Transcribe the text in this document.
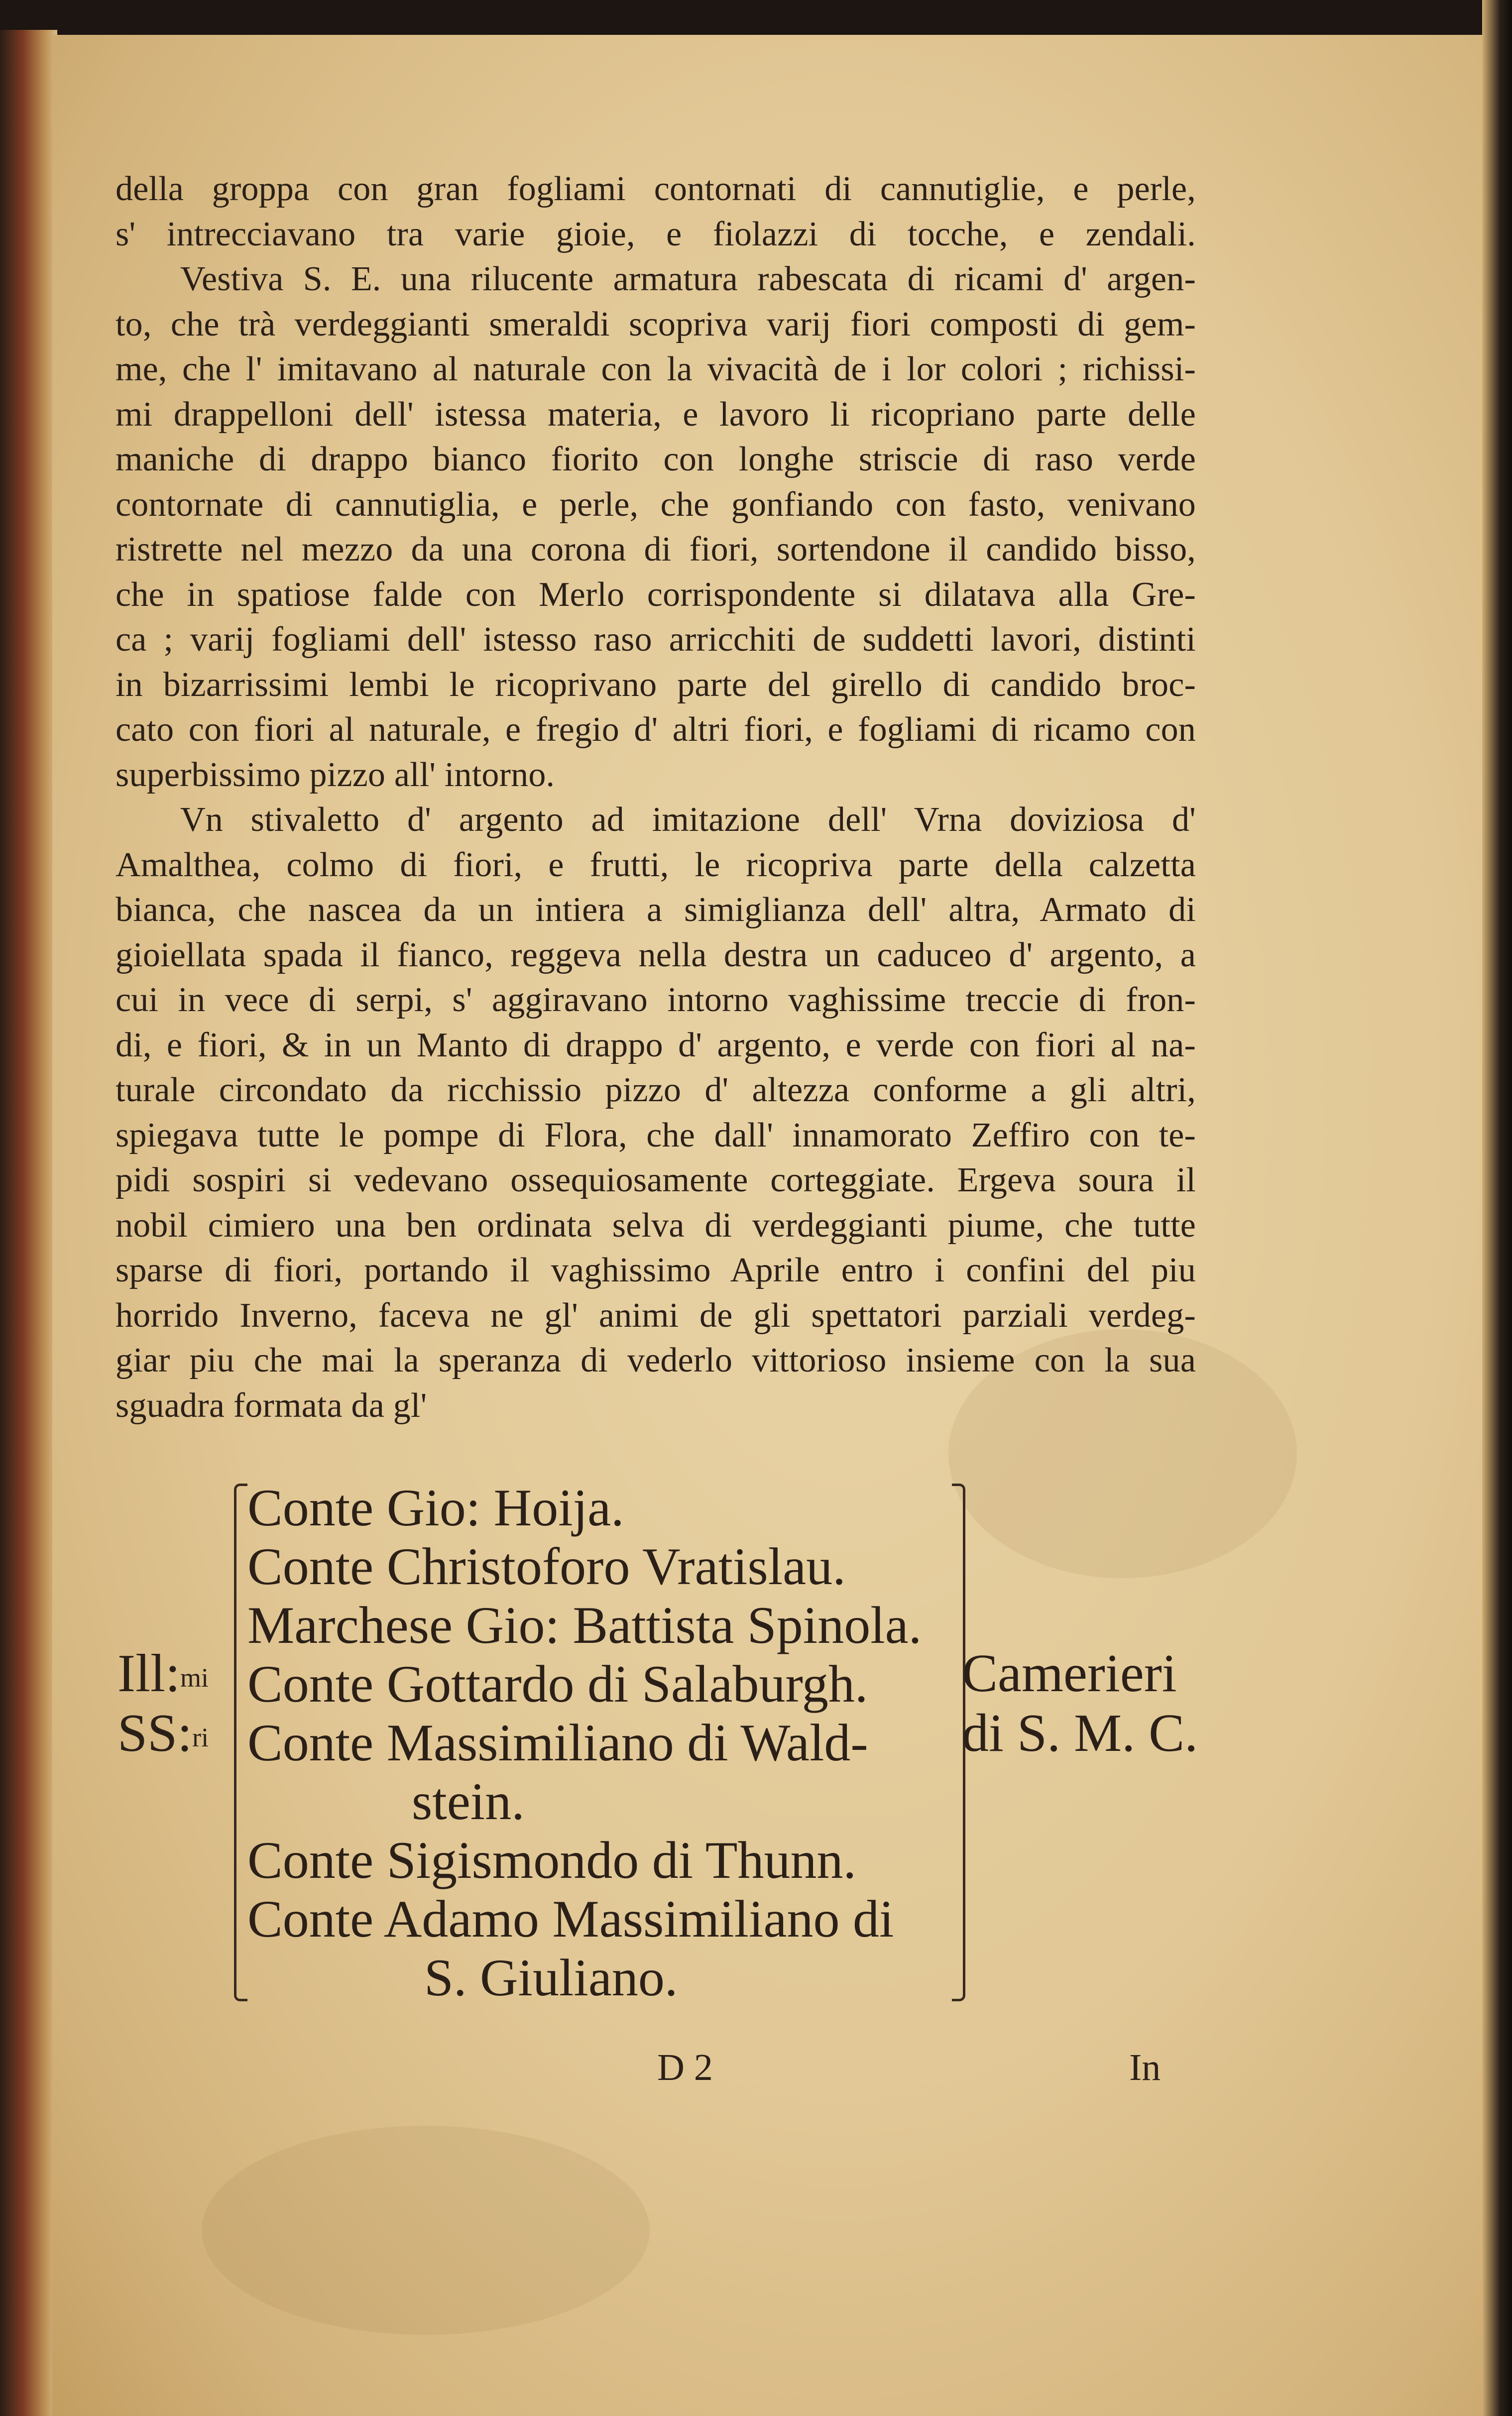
della groppa con gran fogliami contornati di cannutiglie, e perle,
s' intrecciavano tra varie gioie, e fiolazzi di tocche, e zendali.
Vestiva S. E. una rilucente armatura rabescata di ricami d' argen-
to, che trà verdeggianti smeraldi scopriva varij fiori composti di gem-
me, che l' imitavano al naturale con la vivacità de i lor colori ; richissi-
mi drappelloni dell' istessa materia, e lavoro li ricopriano parte delle
maniche di drappo bianco fiorito con longhe striscie di raso verde
contornate di cannutiglia, e perle, che gonfiando con fasto, venivano
ristrette nel mezzo da una corona di fiori, sortendone il candido bisso,
che in spatiose falde con Merlo corrispondente si dilatava alla Gre-
ca ; varij fogliami dell' istesso raso arricchiti de suddetti lavori, distinti
in bizarrissimi lembi le ricoprivano parte del girello di candido broc-
cato con fiori al naturale, e fregio d' altri fiori, e fogliami di ricamo con
superbissimo pizzo all' intorno.
Vn stivaletto d' argento ad imitazione dell' Vrna doviziosa d'
Amalthea, colmo di fiori, e frutti, le ricopriva parte della calzetta
bianca, che nascea da un intiera a simiglianza dell' altra, Armato di
gioiellata spada il fianco, reggeva nella destra un caduceo d' argento, a
cui in vece di serpi, s' aggiravano intorno vaghissime treccie di fron-
di, e fiori, & in un Manto di drappo d' argento, e verde con fiori al na-
turale circondato da ricchissio pizzo d' altezza conforme a gli altri,
spiegava tutte le pompe di Flora, che dall' innamorato Zeffiro con te-
pidi sospiri si vedevano ossequiosamente corteggiate. Ergeva soura il
nobil cimiero una ben ordinata selva di verdeggianti piume, che tutte
sparse di fiori, portando il vaghissimo Aprile entro i confini del piu
horrido Inverno, faceva ne gl' animi de gli spettatori parziali verdeg-
giar piu che mai la speranza di vederlo vittorioso insieme con la sua
sguadra formata da gl'
Ill:$^{mi}$
SS:$^{ri}$
Conte Gio: Hoija.
Conte Christoforo Vratislau.
Marchese Gio: Battista Spinola.
Conte Gottardo di Salaburgh.
Conte Massimiliano di Wald-
stein.
Conte Sigismondo di Thunn.
Conte Adamo Massimiliano di
S. Giuliano.
Camerieri
di S. M. C.
D 2	In
